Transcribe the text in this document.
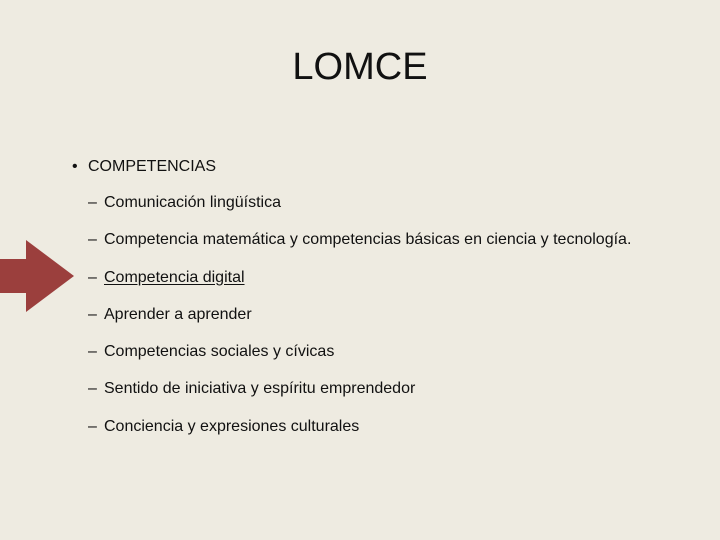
LOMCE
• COMPETENCIAS
– Comunicación lingüística
– Competencia matemática y competencias básicas en ciencia y tecnología.
– Competencia digital
– Aprender a aprender
– Competencias sociales y cívicas
– Sentido de iniciativa y espíritu emprendedor
– Conciencia y expresiones culturales
